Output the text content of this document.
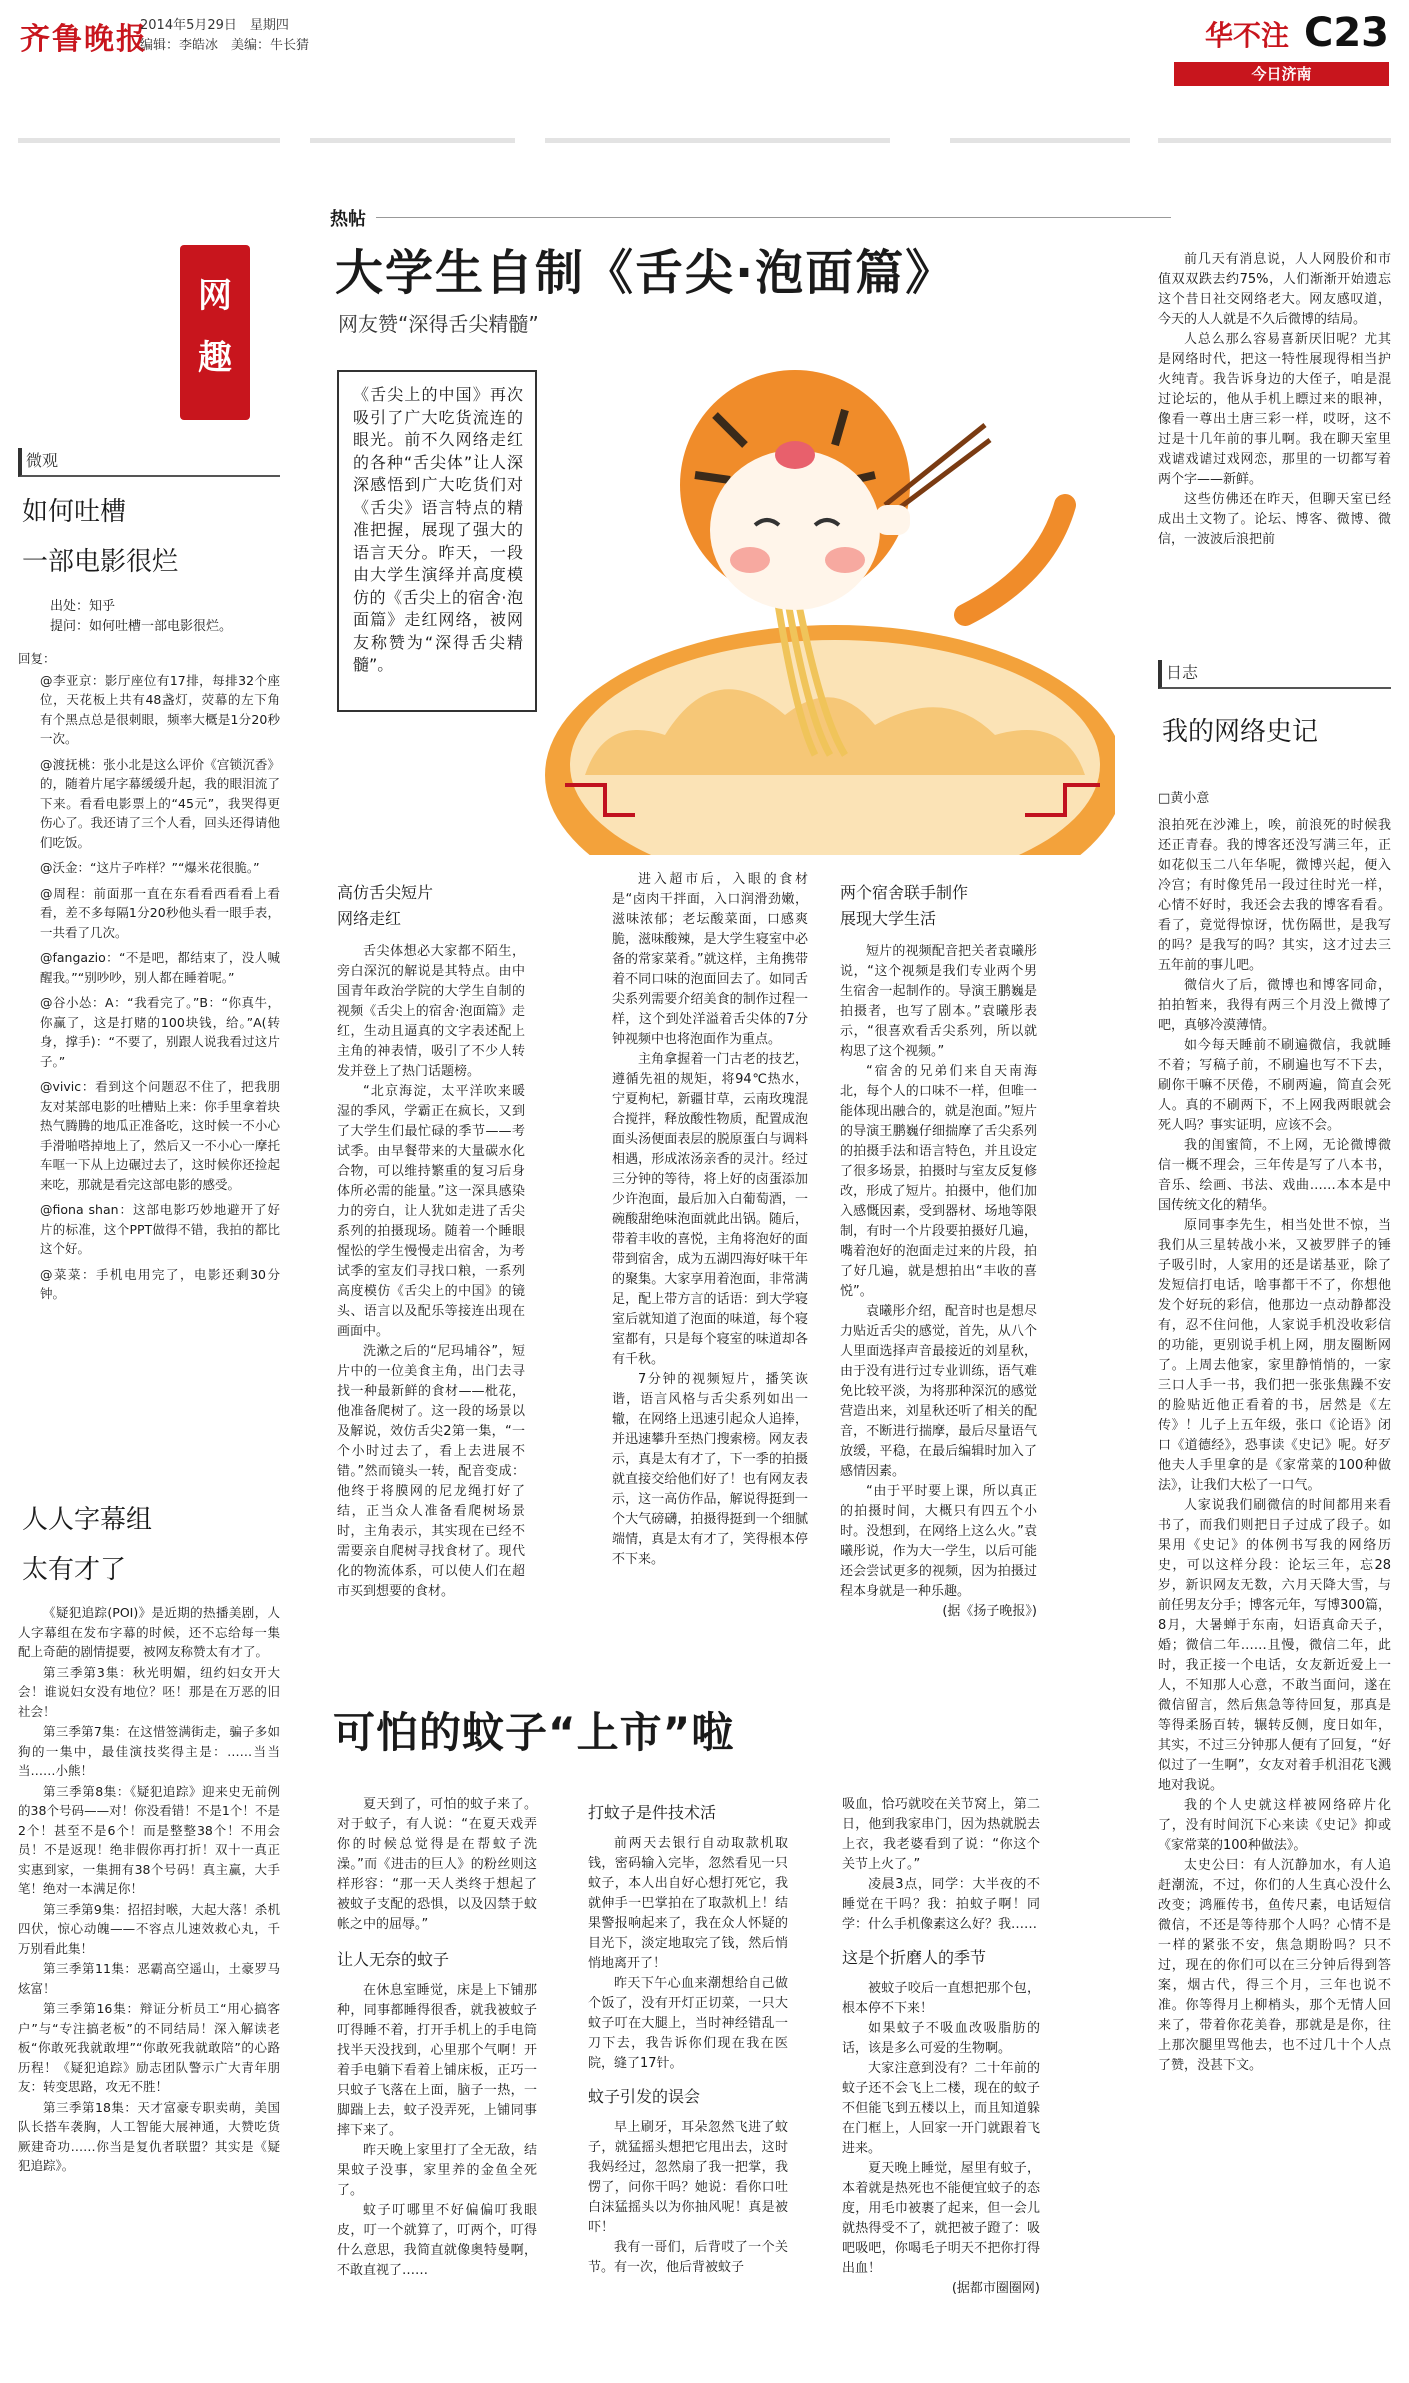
齐鲁晚报
2014年5月29日　星期四
编辑：李皓冰　美编：牛长猜	华不注 C23
今日济南
网
趣
微观
如何吐槽
一部电影很烂
出处：知乎
提问：如何吐槽一部电影很烂。

回复：

@李亚京：影厅座位有17排，每排32个座位，天花板上共有48盏灯，荧幕的左下角有个黑点总是很刺眼，频率大概是1分20秒一次。

@渡抚桃：张小北是这么评价《宫锁沉香》的，随着片尾字幕缓缓升起，我的眼泪流了下来。看看电影票上的“45元”，我哭得更伤心了。我还请了三个人看，回头还得请他们吃饭。

@沃金：“这片子咋样？”“爆米花很脆。”

@周程：前面那一直在东看看西看看上看看，差不多每隔1分20秒他头看一眼手表，一共看了几次。

@fangazio：“不是吧，都结束了，没人喊醒我。”“别吵吵，别人都在睡着呢。”

@谷小怂：A：“我看完了。”B：“你真牛，你赢了，这是打赌的100块钱，给。”A(转身，撑手)：“不要了，别跟人说我看过这片子。”

@vivic：看到这个问题忍不住了，把我朋友对某部电影的吐槽贴上来：你手里拿着块热气腾腾的地瓜正准备吃，这时候一不小心手滑啪嗒掉地上了，然后又一不小心一摩托车哐一下从上边碾过去了，这时候你还捡起来吃，那就是看完这部电影的感受。

@fiona shan：这部电影巧妙地避开了好片的标准，这个PPT做得不错，我拍的都比这个好。

@菜菜：手机电用完了，电影还剩30分钟。

人人字幕组
太有才了

《疑犯追踪(POI)》是近期的热播美剧，人人字幕组在发布字幕的时候，还不忘给每一集配上奇葩的剧情提要，被网友称赞太有才了。

第三季第3集：秋光明媚，纽约妇女开大会！谁说妇女没有地位？呸！那是在万恶的旧社会！

第三季第7集：在这惜签满街走，骗子多如狗的一集中，最佳演技奖得主是：……当当当……小熊！

第三季第8集：《疑犯追踪》迎来史无前例的38个号码——对！你没看错！不是1个！不是2个！甚至不是6个！而是整整38个！不用会员！不是返现！绝非假你再打折！双十一真正实惠到家，一集拥有38个号码！真主赢，大手笔！绝对一本满足你！

第三季第9集：招招封喉，大起大落！杀机四伏，惊心动魄——不容点儿速效救心丸，千万别看此集！

第三季第11集：恶霸高空遥山，土豪罗马炫富！

第三季第16集：辩证分析员工“用心搞客户”与“专注搞老板”的不同结局！深入解读老板“你敢死我就敢埋”“你敢死我就敢陪”的心路历程！《疑犯追踪》励志团队警示广大青年朋友：转变思路，攻无不胜！

第三季第18集：天才富豪专职卖萌，美国队长搭车袭胸，人工智能大展神通，大赞吃货厥建奇功……你当是复仇者联盟？其实是《疑犯追踪》。

热帖
大学生自制《舌尖·泡面篇》
网友赞“深得舌尖精髓”
《舌尖上的中国》再次吸引了广大吃货流连的眼光。前不久网络走红的各种“舌尖体”让人深深感悟到广大吃货们对《舌尖》语言特点的精准把握，展现了强大的语言天分。昨天，一段由大学生演绎并高度模仿的《舌尖上的宿舍·泡面篇》走红网络，被网友称赞为“深得舌尖精髓”。

高仿舌尖短片
网络走红

舌尖体想必大家都不陌生，旁白深沉的解说是其特点。由中国青年政治学院的大学生自制的视频《舌尖上的宿舍·泡面篇》走红，生动且逼真的文字表述配上主角的神表情，吸引了不少人转发并登上了热门话题榜。

“北京海淀，太平洋吹来暖湿的季风，学霸正在疯长，又到了大学生们最忙碌的季节——考试季。由早餐带来的大量碳水化合物，可以维持繁重的复习后身体所必需的能量。”这一深具感染力的旁白，让人犹如走进了舌尖系列的拍摄现场。随着一个睡眼惺忪的学生慢慢走出宿舍，为考试季的室友们寻找口粮，一系列高度模仿《舌尖上的中国》的镜头、语言以及配乐等接连出现在画面中。

洗漱之后的“尼玛埔谷”，短片中的一位美食主角，出门去寻找一种最新鲜的食材——枇花，他准备爬树了。这一段的场景以及解说，效仿舌尖2第一集，“一个小时过去了，看上去进展不错。”然而镜头一转，配音变成：他终于将膜网的尼龙绳打好了结，正当众人准备看爬树场景时，主角表示，其实现在已经不需要亲自爬树寻找食材了。现代化的物流体系，可以使人们在超市买到想要的食材。

进入超市后，入眼的食材是“卤肉干拌面，入口润滑劲嫩，滋味浓郁；老坛酸菜面，口感爽脆，滋味酸辣，是大学生寝室中必备的常家菜肴。”就这样，主角携带着不同口味的泡面回去了。如同舌尖系列需要介绍美食的制作过程一样，这个到处洋溢着舌尖体的7分钟视频中也将泡面作为重点。

主角拿握着一门古老的技艺，遵循先祖的规矩，将94℃热水，宁夏枸杞，新疆甘草，云南玫瑰混合搅拌，释放酸性物质，配置成泡面头汤便面表层的脱原蛋白与调料相遇，形成浓汤亲香的灵汁。经过三分钟的等待，将上好的卤蛋添加少许泡面，最后加入白葡萄酒，一碗酸甜绝味泡面就此出锅。随后，带着丰收的喜悦，主角将泡好的面带到宿舍，成为五湖四海好味干年的聚集。大家享用着泡面，非常满足，配上带方言的话语：到大学寝室后就知道了泡面的味道，每个寝室都有，只是每个寝室的味道却各有千秋。

7分钟的视频短片，播笑诙谐，语言风格与舌尖系列如出一辙，在网络上迅速引起众人追捧，并迅速攀升至热门搜索榜。网友表示，真是太有才了，下一季的拍摄就直接交给他们好了！也有网友表示，这一高仿作品，解说得挺到一个大气磅礴，拍摄得挺到一个细腻端情，真是太有才了，笑得根本停不下来。

两个宿舍联手制作
展现大学生活

短片的视频配音把关者袁曦彤说，“这个视频是我们专业两个男生宿舍一起制作的。导演王鹏巍是拍摄者，也写了剧本。”袁曦彤表示，“很喜欢看舌尖系列，所以就构思了这个视频。”

“宿舍的兄弟们来自天南海北，每个人的口味不一样，但唯一能体现出融合的，就是泡面。”短片的导演王鹏巍仔细揣摩了舌尖系列的拍摄手法和语言特色，并且设定了很多场景，拍摄时与室友反复修改，形成了短片。拍摄中，他们加入感慨因素，受到器材、场地等限制，有时一个片段要拍摄好几遍，嘴着泡好的泡面走过来的片段，拍了好几遍，就是想拍出“丰收的喜悦”。

袁曦彤介绍，配音时也是想尽力贴近舌尖的感觉，首先，从八个人里面选择声音最接近的刘星秋，由于没有进行过专业训练，语气难免比较平淡，为将那种深沉的感觉营造出来，刘星秋还听了相关的配音，不断进行揣摩，最后尽量语气放缓，平稳，在最后编辑时加入了感情因素。

“由于平时要上课，所以真正的拍摄时间，大概只有四五个小时。没想到，在网络上这么火。”袁曦彤说，作为大一学生，以后可能还会尝试更多的视频，因为拍摄过程本身就是一种乐趣。

(据《扬子晚报》)

前几天有消息说，人人网股价和市值双双跌去约75%，人们渐渐开始遗忘这个昔日社交网络老大。网友感叹道，今天的人人就是不久后微博的结局。

人总么那么容易喜新厌旧呢？尤其是网络时代，把这一特性展现得相当护火纯青。我告诉身边的大侄子，咱是混过论坛的，他从手机上瞟过来的眼神，像看一尊出土唐三彩一样，哎呀，这不过是十几年前的事儿啊。我在聊天室里戏谑戏谑过戏网恋，那里的一切都写着两个字——新鲜。

这些仿佛还在昨天，但聊天室已经成出土文物了。论坛、博客、微博、微信，一波波后浪把前

日志
我的网络史记
□黄小意

浪拍死在沙滩上，唉，前浪死的时候我还正青春。我的博客还没写满三年，正如花似玉二八年华呢，微博兴起，便入冷宫；有时像凭吊一段过往时光一样，心情不好时，我还会去我的博客看看。看了，竟觉得惊讶，忧伤隔世，是我写的吗？是我写的吗？其实，这才过去三五年前的事儿吧。

微信火了后，微博也和博客同命，拍拍暂来，我得有两三个月没上微博了吧，真够冷漠薄情。

如今每天睡前不刷遍微信，我就睡不着；写稿子前，不刷遍也写不下去，刷你干嘛不厌倦，不刷两遍，简直会死人。真的不刷两下，不上网我两眼就会死人吗？事实证明，应该不会。

我的闺蜜简，不上网，无论微博微信一概不理会，三年传是写了八本书，音乐、绘画、书法、戏曲……本本是中国传统文化的精华。

原同事李先生，相当处世不惊，当我们从三星转战小米，又被罗胖子的锤子吸引时，人家用的还是诺基亚，除了发短信打电话，啥事都干不了，你想他发个好玩的彩信，他那边一点动静都没有，忍不住问他，人家说手机没收彩信的功能，更别说手机上网，朋友圈断网了。上周去他家，家里静悄悄的，一家三口人手一书，我们把一张张焦躁不安的脸贴近他正看着的书，居然是《左传》！儿子上五年级，张口《论语》闭口《道德经》，恐事读《史记》呢。好歹他夫人手里拿的是《家常菜的100种做法》，让我们大松了一口气。

人家说我们刷微信的时间都用来看书了，而我们则把日子过成了段子。如果用《史记》的体例书写我的网络历史，可以这样分段：论坛三年，忘28岁，新识网友无数，六月天降大雪，与前任男友分手；博客元年，写博300篇，8月，大暑蝉于东南，妇语真命天子，婚；微信二年……且慢，微信二年，此时，我正接一个电话，女友新近爱上一人，不知那人心意，不敢当面问，遂在微信留言，然后焦急等待回复，那真是等得柔肠百转，辗转反侧，度日如年，其实，不过三分钟那人便有了回复，“好似过了一生啊”，女友对着手机泪花飞溅地对我说。

我的个人史就这样被网络碎片化了，没有时间沉下心来读《史记》抑或《家常菜的100种做法》。

太史公曰：有人沉静加水，有人追赶潮流，不过，你们的人生真心没什么改变；鸿雁传书，鱼传尺素，电话短信微信，不还是等待那个人吗？心情不是一样的紧张不安，焦急期盼吗？只不过，现在的你们可以在三分钟后得到答案，烟古代，得三个月，三年也说不准。你等得月上柳梢头，那个无情人回来了，带着你花美眷，那就是是你，往上那次腿里骂他去，也不过几十个人点了赞，没甚下文。

可怕的蚊子“上市”啦

夏天到了，可怕的蚊子来了。对于蚊子，有人说：“在夏天戏弄你的时候总觉得是在帮蚊子洗澡。”而《进击的巨人》的粉丝则这样形容：“那一天人类终于想起了被蚊子支配的恐惧，以及囚禁于蚊帐之中的屈辱。”

让人无奈的蚊子

在休息室睡觉，床是上下铺那种，同事都睡得很香，就我被蚊子叮得睡不着，打开手机上的手电筒找半天没找到，心里那个气啊！开着手电躺下看着上铺床板，正巧一只蚊子飞落在上面，脑子一热，一脚踹上去，蚊子没弄死，上铺同事摔下来了。

昨天晚上家里打了全无敌，结果蚊子没事，家里养的金鱼全死了。

蚊子叮哪里不好偏偏叮我眼皮，叮一个就算了，叮两个，叮得什么意思，我简直就像奥特曼啊，不敢直视了……

打蚊子是件技术活

前两天去银行自动取款机取钱，密码输入完毕，忽然看见一只蚊子，本人出自好心想打死它，我就伸手一巴掌拍在了取款机上！结果警报响起来了，我在众人怀疑的目光下，淡定地取完了钱，然后悄悄地离开了！

昨天下午心血来潮想给自己做个饭了，没有开灯正切菜，一只大蚊子叮在大腿上，当时神经错乱一刀下去，我告诉你们现在我在医院，缝了17针。

蚊子引发的误会

早上刷牙，耳朵忽然飞进了蚊子，就猛摇头想把它甩出去，这时我妈经过，忽然扇了我一把掌，我愣了，问你干吗？她说：看你口吐白沫猛摇头以为你抽风呢！真是被吓！

我有一哥们，后背哎了一个关节。有一次，他后背被蚊子

吸血，恰巧就咬在关节窝上，第二日，他到我家串门，因为热就脱去上衣，我老婆看到了说：“你这个关节上火了。”

凌晨3点，同学：大半夜的不睡觉在干吗？我：拍蚊子啊！同学：什么手机像素这么好？我……

这是个折磨人的季节

被蚊子咬后一直想把那个包，根本停不下来！

如果蚊子不吸血改吸脂肪的话，该是多么可爱的生物啊。

大家注意到没有？二十年前的蚊子还不会飞上二楼，现在的蚊子不但能飞到五楼以上，而且知道躲在门框上，人回家一开门就跟着飞进来。

夏天晚上睡觉，屋里有蚊子，本着就是热死也不能便宜蚊子的态度，用毛巾被裹了起来，但一会儿就热得受不了，就把被子蹬了：吸吧吸吧，你喝毛子明天不把你打得出血！

(据都市圈圈网)
